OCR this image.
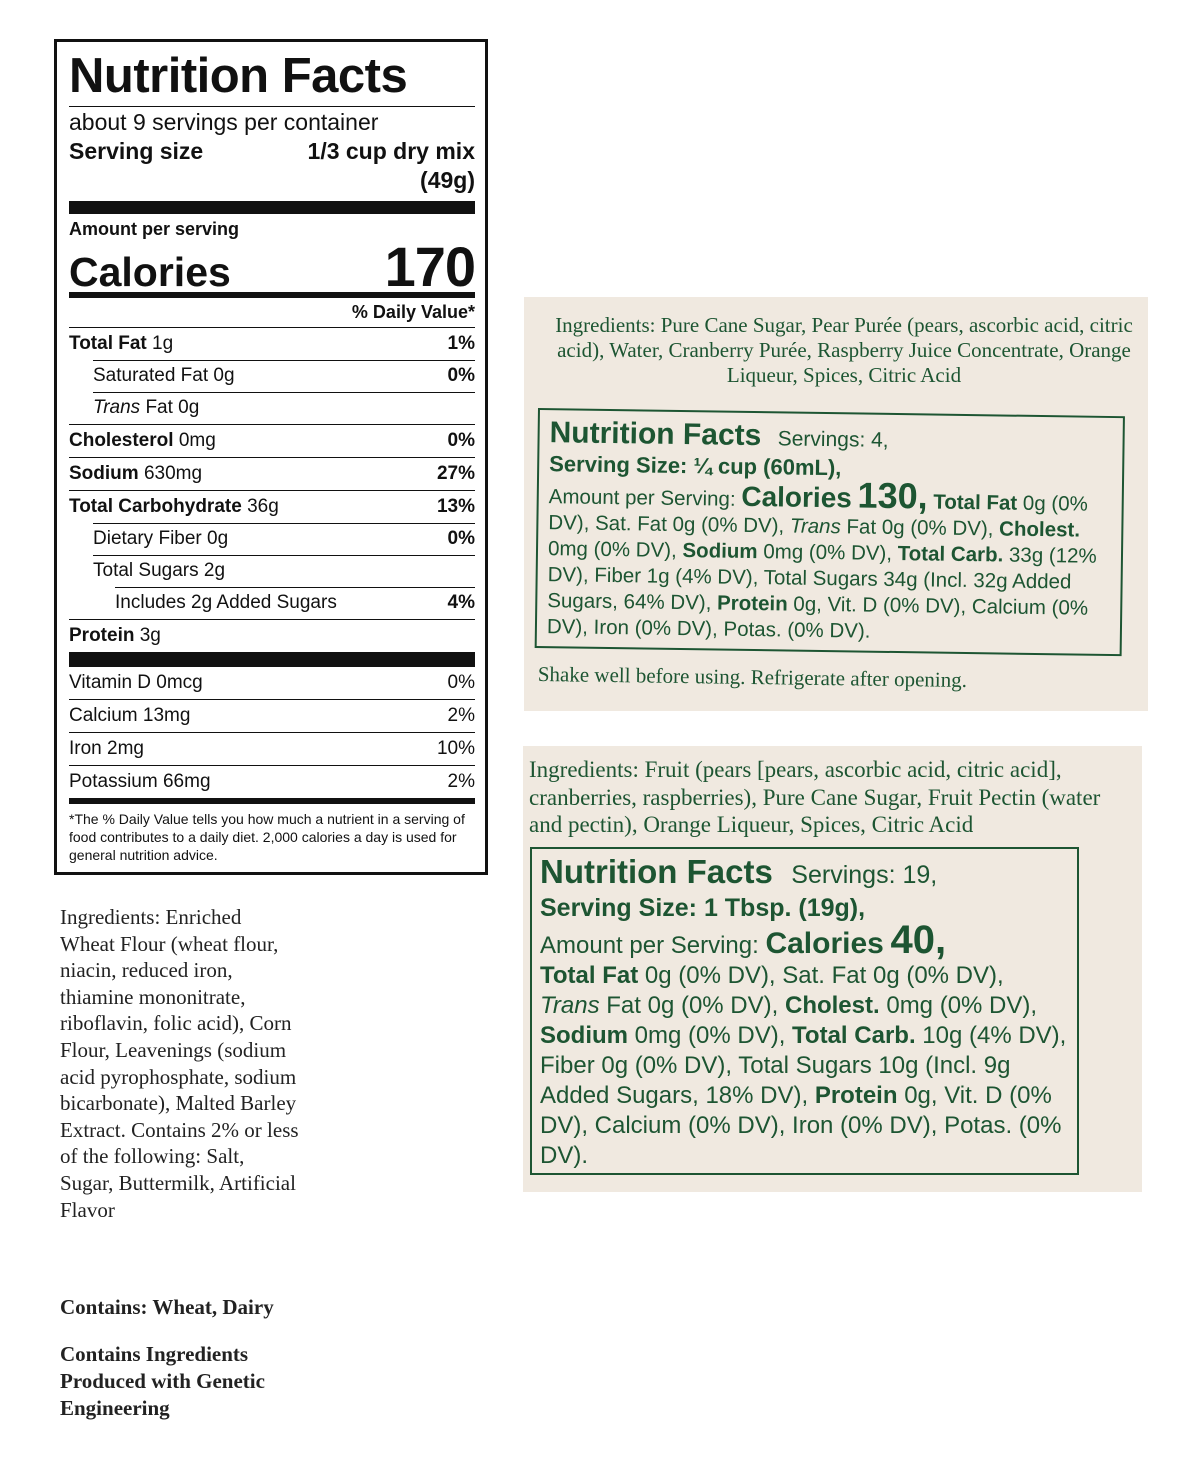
Nutrition Facts
about 9 servings per container
Serving size	1/3 cup dry mix
(49g)
Amount per serving
Calories	170
% Daily Value*
Total Fat 1g	1%
Saturated Fat 0g	0%
Trans Fat 0g
Cholesterol 0mg	0%
Sodium 630mg	27%
Total Carbohydrate 36g	13%
Dietary Fiber 0g	0%
Total Sugars 2g
Includes 2g Added Sugars	4%
Protein 3g
Vitamin D 0mcg	0%
Calcium 13mg	2%
Iron 2mg	10%
Potassium 66mg	2%
*The % Daily Value tells you how much a nutrient in a serving of food contributes to a daily diet. 2,000 calories a day is used for general nutrition advice.
Ingredients: Enriched Wheat Flour (wheat flour, niacin, reduced iron, thiamine mononitrate, riboflavin, folic acid), Corn Flour, Leavenings (sodium acid pyrophosphate, sodium bicarbonate), Malted Barley Extract. Contains 2% or less of the following: Salt, Sugar, Buttermilk, Artificial Flavor
Contains: Wheat, Dairy
Contains Ingredients Produced with Genetic Engineering
Ingredients: Pure Cane Sugar, Pear Purée (pears, ascorbic acid, citric acid), Water, Cranberry Purée, Raspberry Juice Concentrate, Orange Liqueur, Spices, Citric Acid
Nutrition Facts Servings: 4,
Serving Size: ¼ cup (60mL),
Amount per Serving: Calories 130, Total Fat 0g (0% DV), Sat. Fat 0g (0% DV), Trans Fat 0g (0% DV), Cholest. 0mg (0% DV), Sodium 0mg (0% DV), Total Carb. 33g (12% DV), Fiber 1g (4% DV), Total Sugars 34g (Incl. 32g Added Sugars, 64% DV), Protein 0g, Vit. D (0% DV), Calcium (0% DV), Iron (0% DV), Potas. (0% DV).
Shake well before using. Refrigerate after opening.
Ingredients: Fruit (pears [pears, ascorbic acid, citric acid], cranberries, raspberries), Pure Cane Sugar, Fruit Pectin (water and pectin), Orange Liqueur, Spices, Citric Acid
Nutrition Facts Servings: 19,
Serving Size: 1 Tbsp. (19g),
Amount per Serving: Calories 40,
Total Fat 0g (0% DV), Sat. Fat 0g (0% DV), Trans Fat 0g (0% DV), Cholest. 0mg (0% DV), Sodium 0mg (0% DV), Total Carb. 10g (4% DV), Fiber 0g (0% DV), Total Sugars 10g (Incl. 9g Added Sugars, 18% DV), Protein 0g, Vit. D (0% DV), Calcium (0% DV), Iron (0% DV), Potas. (0% DV).
